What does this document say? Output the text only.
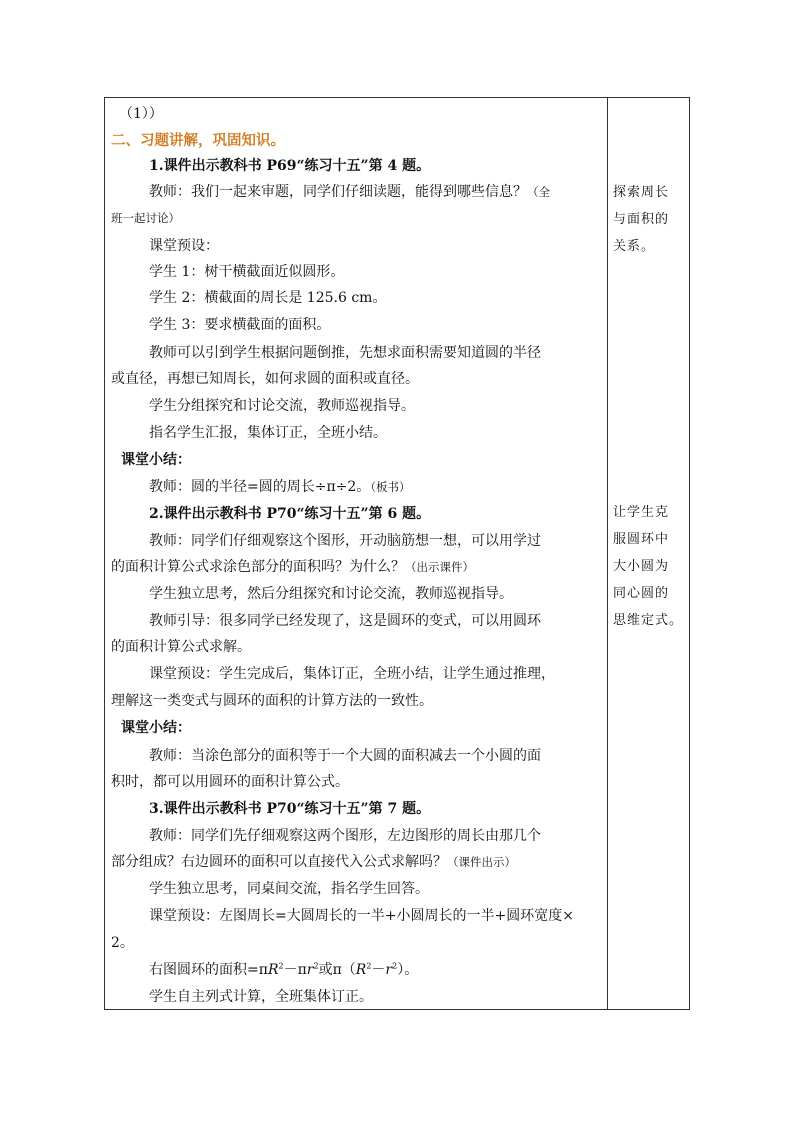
（1））
二、习题讲解，巩固知识。
1.课件出示教科书 P69“练习十五”第 4 题。
教师：我们一起来审题，同学们仔细读题，能得到哪些信息？（全
班一起讨论）
课堂预设：
学生 1：树干横截面近似圆形。
学生 2：横截面的周长是 125.6 cm。
学生 3：要求横截面的面积。
教师可以引到学生根据问题倒推，先想求面积需要知道圆的半径
或直径，再想已知周长，如何求圆的面积或直径。
学生分组探究和讨论交流，教师巡视指导。
指名学生汇报，集体订正，全班小结。
课堂小结：
教师：圆的半径=圆的周长÷π÷2。（板书）
2.课件出示教科书 P70“练习十五”第 6 题。
教师：同学们仔细观察这个图形，开动脑筋想一想，可以用学过
的面积计算公式求涂色部分的面积吗？为什么？（出示课件）
学生独立思考，然后分组探究和讨论交流，教师巡视指导。
教师引导：很多同学已经发现了，这是圆环的变式，可以用圆环
的面积计算公式求解。
课堂预设：学生完成后，集体订正，全班小结，让学生通过推理，
理解这一类变式与圆环的面积的计算方法的一致性。
课堂小结：
教师：当涂色部分的面积等于一个大圆的面积减去一个小圆的面
积时，都可以用圆环的面积计算公式。
3.课件出示教科书 P70“练习十五”第 7 题。
教师：同学们先仔细观察这两个图形，左边图形的周长由那几个
部分组成？右边圆环的面积可以直接代入公式求解吗？（课件出示）
学生独立思考，同桌间交流，指名学生回答。
课堂预设：左图周长=大圆周长的一半+小圆周长的一半+圆环宽度×
2。
右图圆环的面积$=\pi R^2-\pi r^2$或$\pi(R^2-r^2)$。
学生自主列式计算，全班集体订正。
探索周长
与面积的
关系。
让学生克
服圆环中
大小圆为
同心圆的
思维定式。
